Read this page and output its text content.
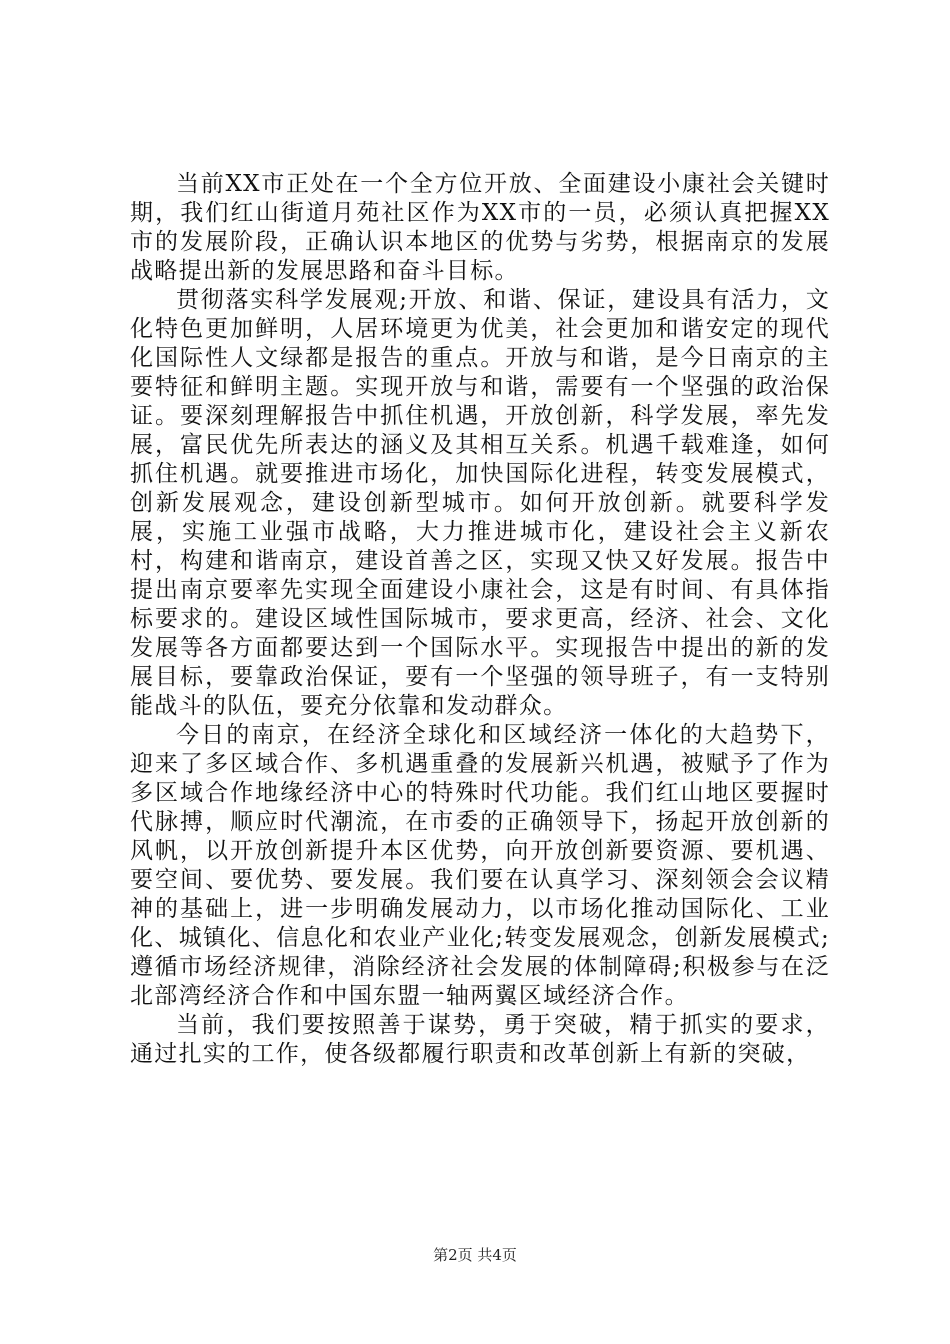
当前XX市正处在一个全方位开放、全面建设小康社会关键时期，我们红山街道月苑社区作为XX市的一员，必须认真把握XX市的发展阶段，正确认识本地区的优势与劣势，根据南京的发展战略提出新的发展思路和奋斗目标。

贯彻落实科学发展观;开放、和谐、保证，建设具有活力，文化特色更加鲜明，人居环境更为优美，社会更加和谐安定的现代化国际性人文绿都是报告的重点。开放与和谐，是今日南京的主要特征和鲜明主题。实现开放与和谐，需要有一个坚强的政治保证。要深刻理解报告中抓住机遇，开放创新，科学发展，率先发展，富民优先所表达的涵义及其相互关系。机遇千载难逢，如何抓住机遇。就要推进市场化，加快国际化进程，转变发展模式，创新发展观念，建设创新型城市。如何开放创新。就要科学发展，实施工业强市战略，大力推进城市化，建设社会主义新农村，构建和谐南京，建设首善之区，实现又快又好发展。报告中提出南京要率先实现全面建设小康社会，这是有时间、有具体指标要求的。建设区域性国际城市，要求更高，经济、社会、文化发展等各方面都要达到一个国际水平。实现报告中提出的新的发展目标，要靠政治保证，要有一个坚强的领导班子，有一支特别能战斗的队伍，要充分依靠和发动群众。

今日的南京，在经济全球化和区域经济一体化的大趋势下，迎来了多区域合作、多机遇重叠的发展新兴机遇，被赋予了作为多区域合作地缘经济中心的特殊时代功能。我们红山地区要握时代脉搏，顺应时代潮流，在市委的正确领导下，扬起开放创新的风帆，以开放创新提升本区优势，向开放创新要资源、要机遇、要空间、要优势、要发展。我们要在认真学习、深刻领会会议精神的基础上，进一步明确发展动力，以市场化推动国际化、工业化、城镇化、信息化和农业产业化;转变发展观念，创新发展模式;遵循市场经济规律，消除经济社会发展的体制障碍;积极参与在泛北部湾经济合作和中国东盟一轴两翼区域经济合作。

当前，我们要按照善于谋势，勇于突破，精于抓实的要求，通过扎实的工作，使各级都履行职责和改革创新上有新的突破，

第2页 共4页
